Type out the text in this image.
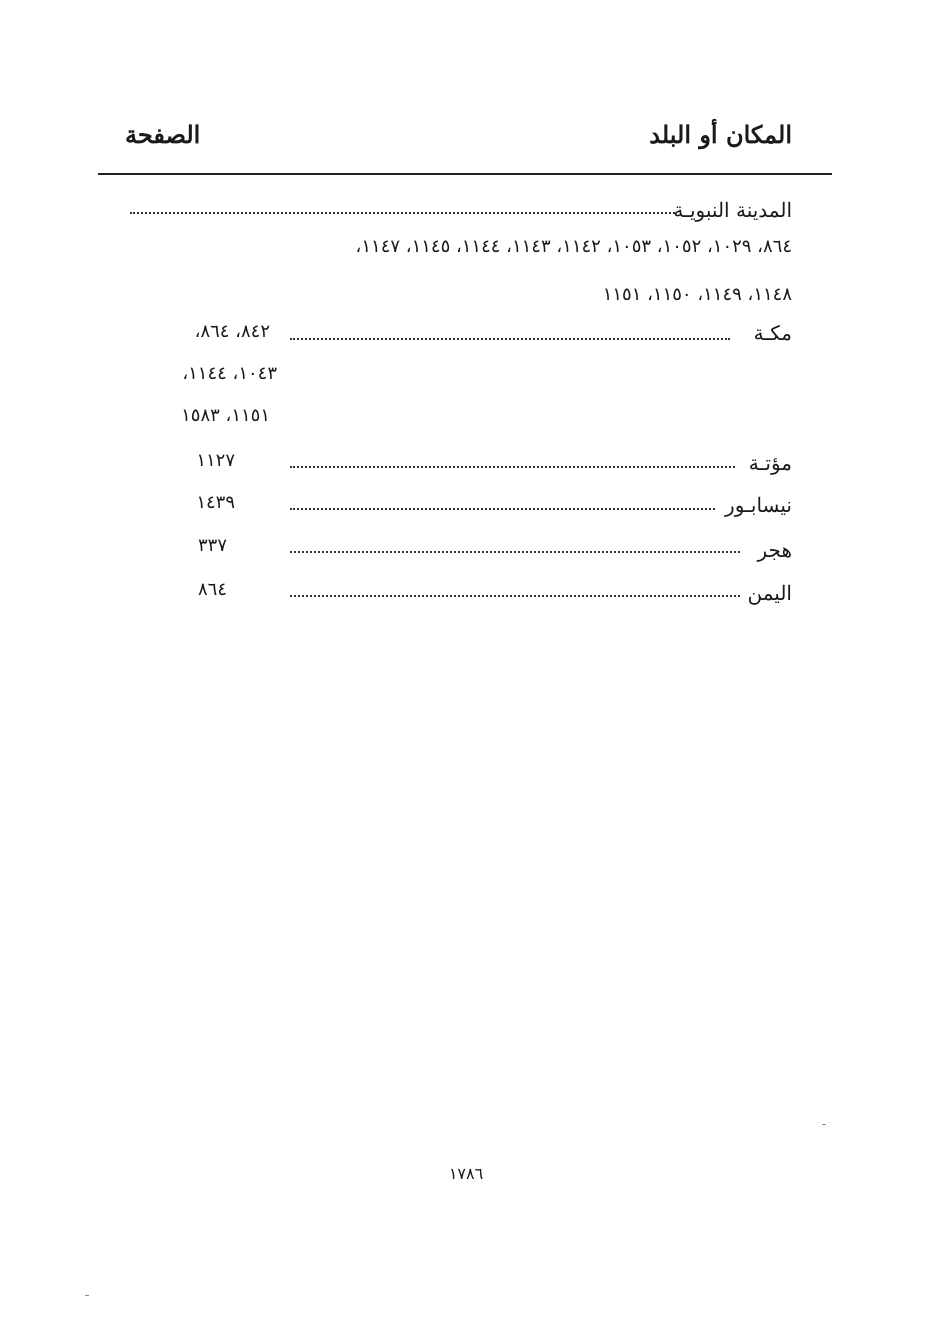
المكان أو البلد
الصفحة
المدينة النبويـة
٨٦٤، ١٠٢٩، ١٠٥٢، ١٠٥٣، ١١٤٢، ١١٤٣، ١١٤٤، ١١٤٥، ١١٤٧،
١١٤٨، ١١٤٩، ١١٥٠، ١١٥١
مكـة
٨٤٢، ٨٦٤،
١٠٤٣، ١١٤٤،
١١٥١، ١٥٨٣
مؤتـة
١١٢٧
نيسابـور
١٤٣٩
هجر
٣٣٧
اليمن
٨٦٤
١٧٨٦
